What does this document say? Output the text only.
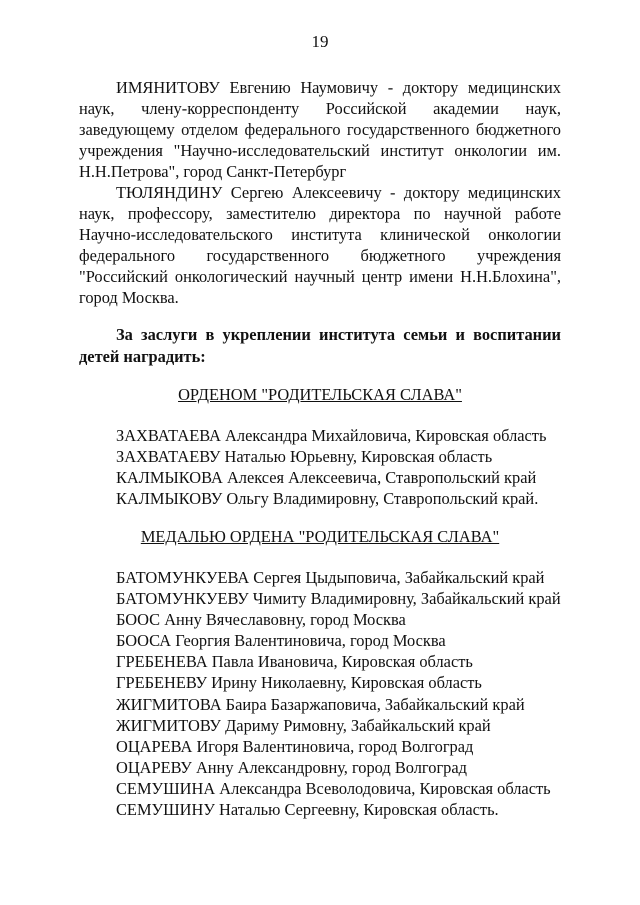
19

ИМЯНИТОВУ Евгению Наумовичу - доктору медицинских наук, члену-корреспонденту Российской академии наук, заведующему отделом федерального государственного бюджетного учреждения "Научно-исследовательский институт онкологии им. Н.Н.Петрова", город Санкт-Петербург

ТЮЛЯНДИНУ Сергею Алексеевичу - доктору медицинских наук, профессору, заместителю директора по научной работе Научно-исследовательского института клинической онкологии федерального государственного бюджетного учреждения "Российский онкологический научный центр имени Н.Н.Блохина", город Москва.

За заслуги в укреплении института семьи и воспитании детей наградить:

ОРДЕНОМ "РОДИТЕЛЬСКАЯ СЛАВА"
ЗАХВАТАЕВА Александра Михайловича, Кировская область
ЗАХВАТАЕВУ Наталью Юрьевну, Кировская область
КАЛМЫКОВА Алексея Алексеевича, Ставропольский край
КАЛМЫКОВУ Ольгу Владимировну, Ставропольский край.
МЕДАЛЬЮ ОРДЕНА "РОДИТЕЛЬСКАЯ СЛАВА"
БАТОМУНКУЕВА Сергея Цыдыповича, Забайкальский край
БАТОМУНКУЕВУ Чимиту Владимировну, Забайкальский край
БООС Анну Вячеславовну, город Москва
БООСА Георгия Валентиновича, город Москва
ГРЕБЕНЕВА Павла Ивановича, Кировская область
ГРЕБЕНЕВУ Ирину Николаевну, Кировская область
ЖИГМИТОВА Баира Базаржаповича, Забайкальский край
ЖИГМИТОВУ Дариму Римовну, Забайкальский край
ОЦАРЕВА Игоря Валентиновича, город Волгоград
ОЦАРЕВУ Анну Александровну, город Волгоград
СЕМУШИНА Александра Всеволодовича, Кировская область
СЕМУШИНУ Наталью Сергеевну, Кировская область.
